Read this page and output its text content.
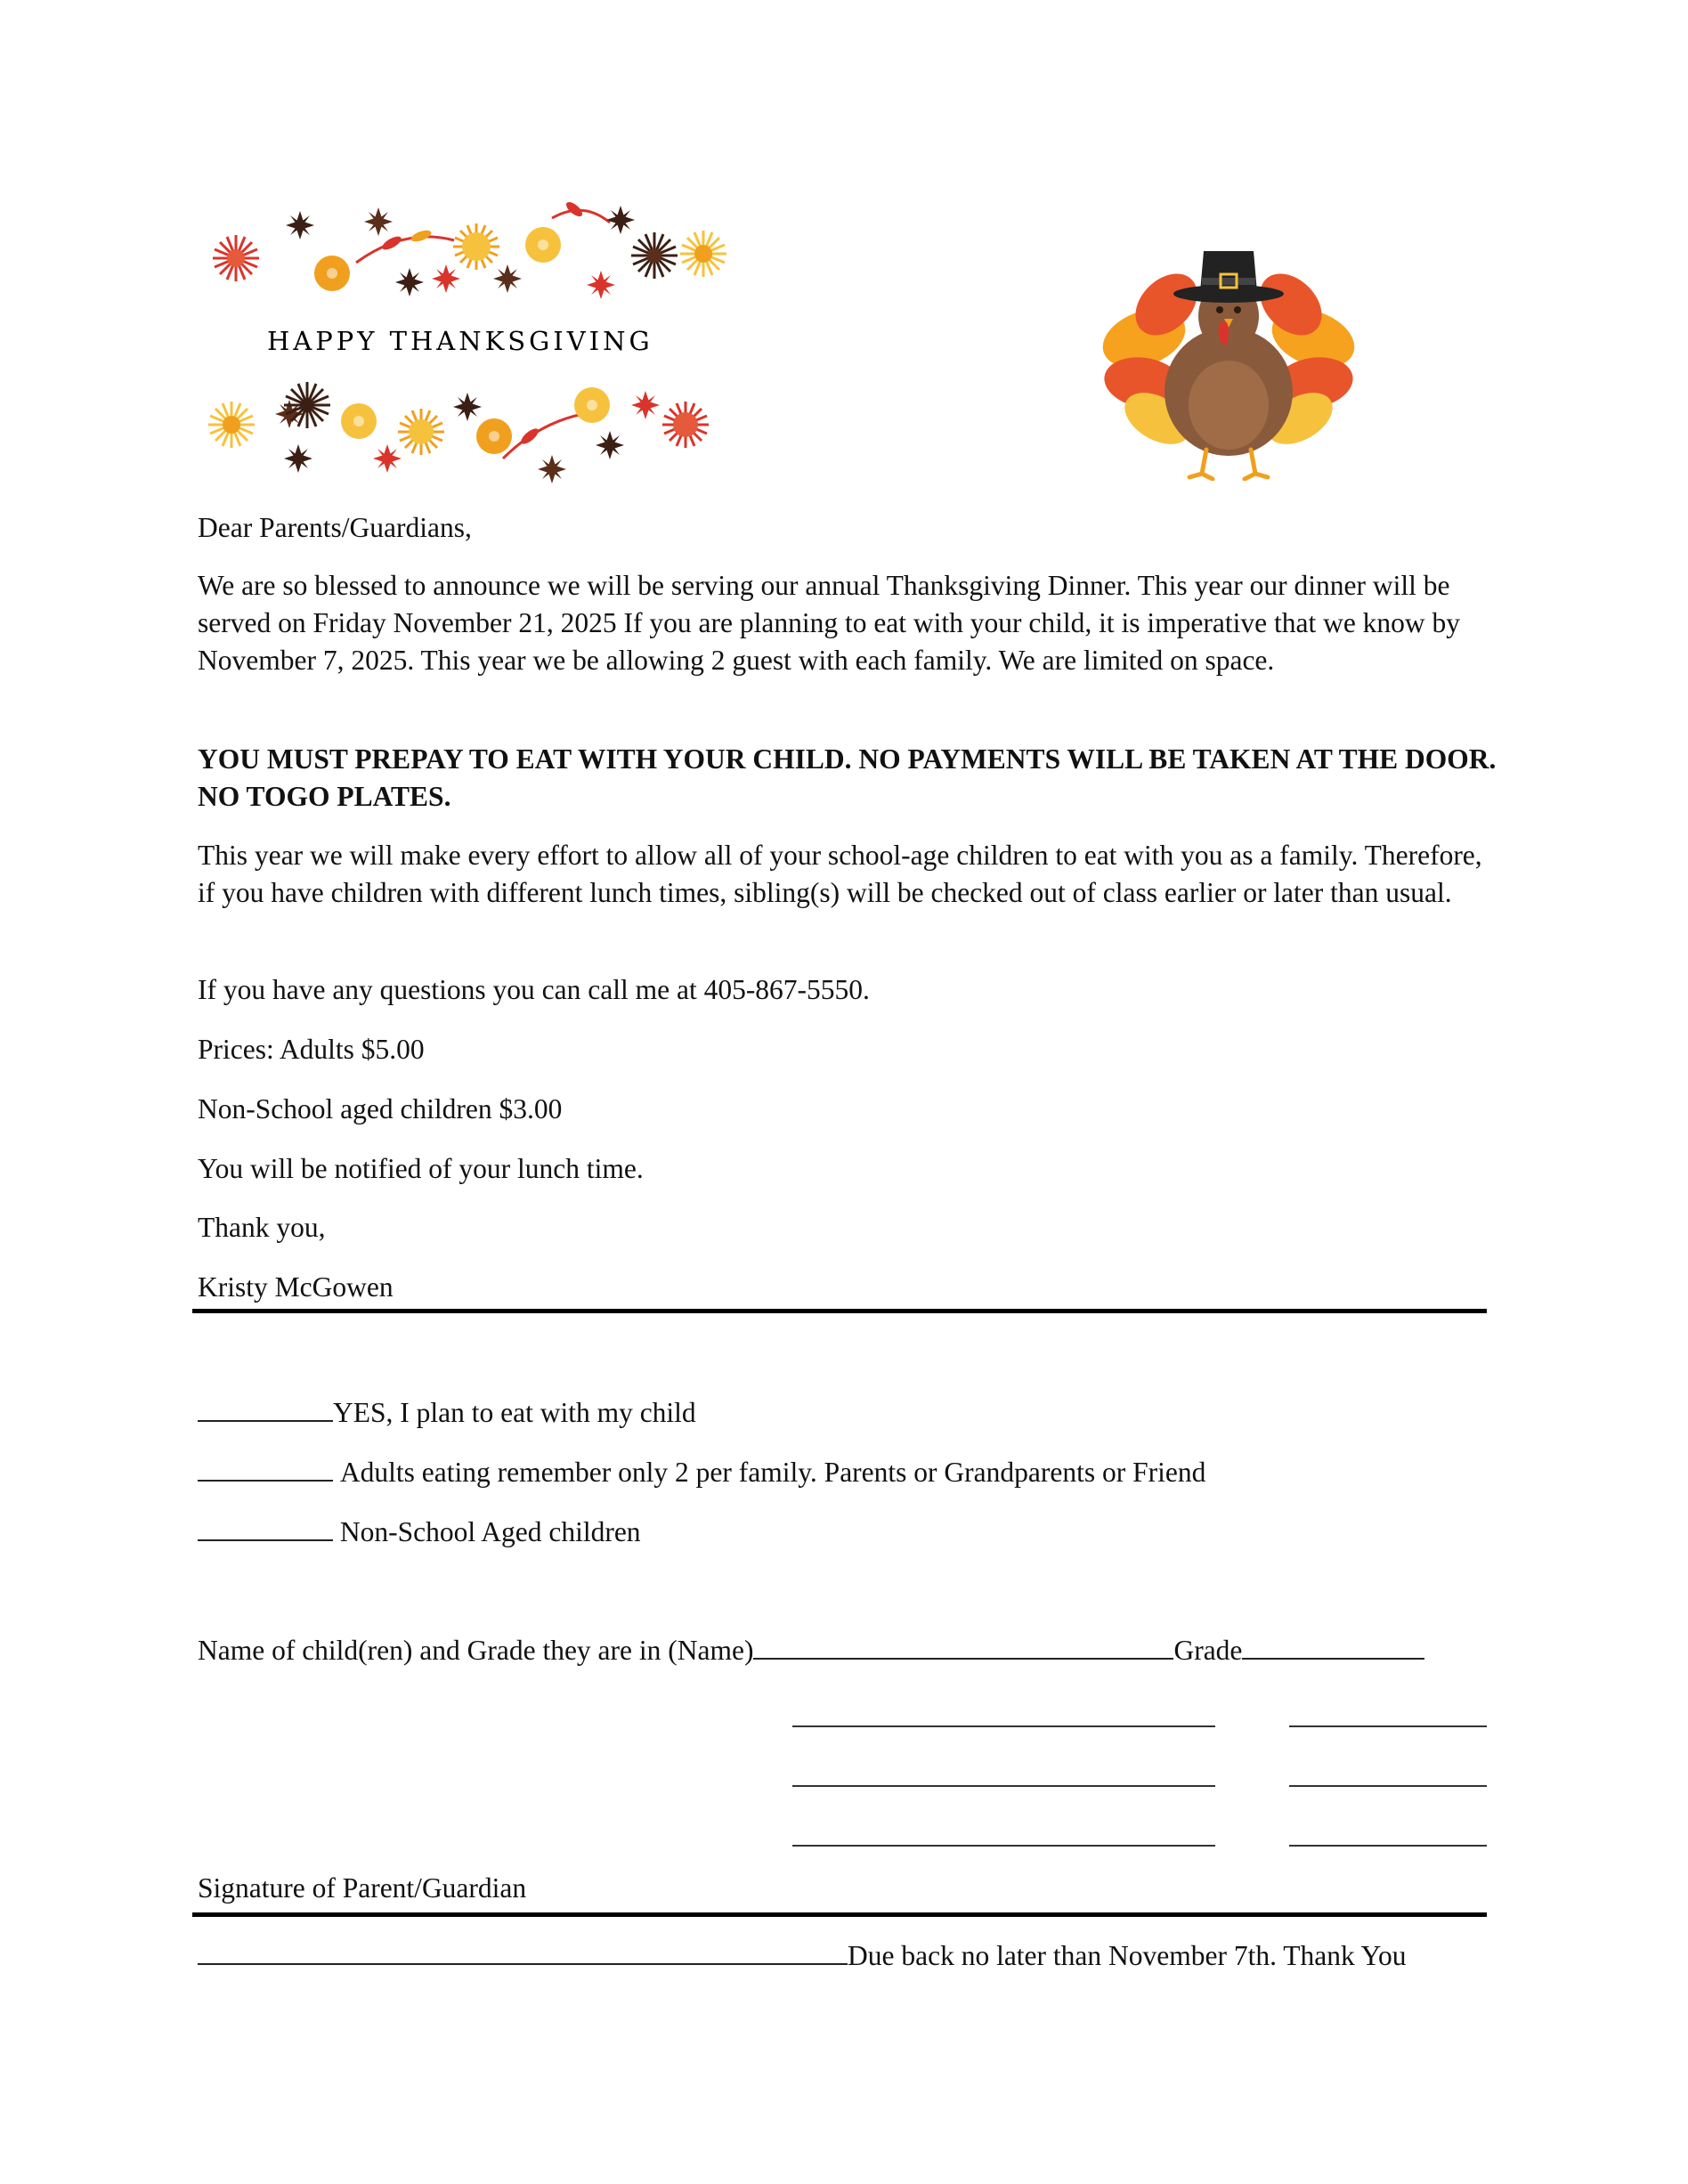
HAPPY THANKSGIVING
Dear Parents/Guardians,
We are so blessed to announce we will be serving our annual Thanksgiving Dinner. This year our dinner will be served on Friday November 21, 2025 If you are planning to eat with your child, it is imperative that we know by November 7, 2025. This year we be allowing 2 guest with each family. We are limited on space.
YOU MUST PREPAY TO EAT WITH YOUR CHILD. NO PAYMENTS WILL BE TAKEN AT THE DOOR. NO TOGO PLATES.
This year we will make every effort to allow all of your school-age children to eat with you as a family. Therefore, if you have children with different lunch times, sibling(s) will be checked out of class earlier or later than usual.
If you have any questions you can call me at 405-867-5550.
Prices: Adults $5.00
Non-School aged children $3.00
You will be notified of your lunch time.
Thank you,
Kristy McGowen
YES, I plan to eat with my child
Adults eating remember only 2 per family. Parents or Grandparents or Friend
Non-School Aged children
Name of child(ren) and Grade they are in (Name)	Grade
Signature of Parent/Guardian
Due back no later than November 7th. Thank You
